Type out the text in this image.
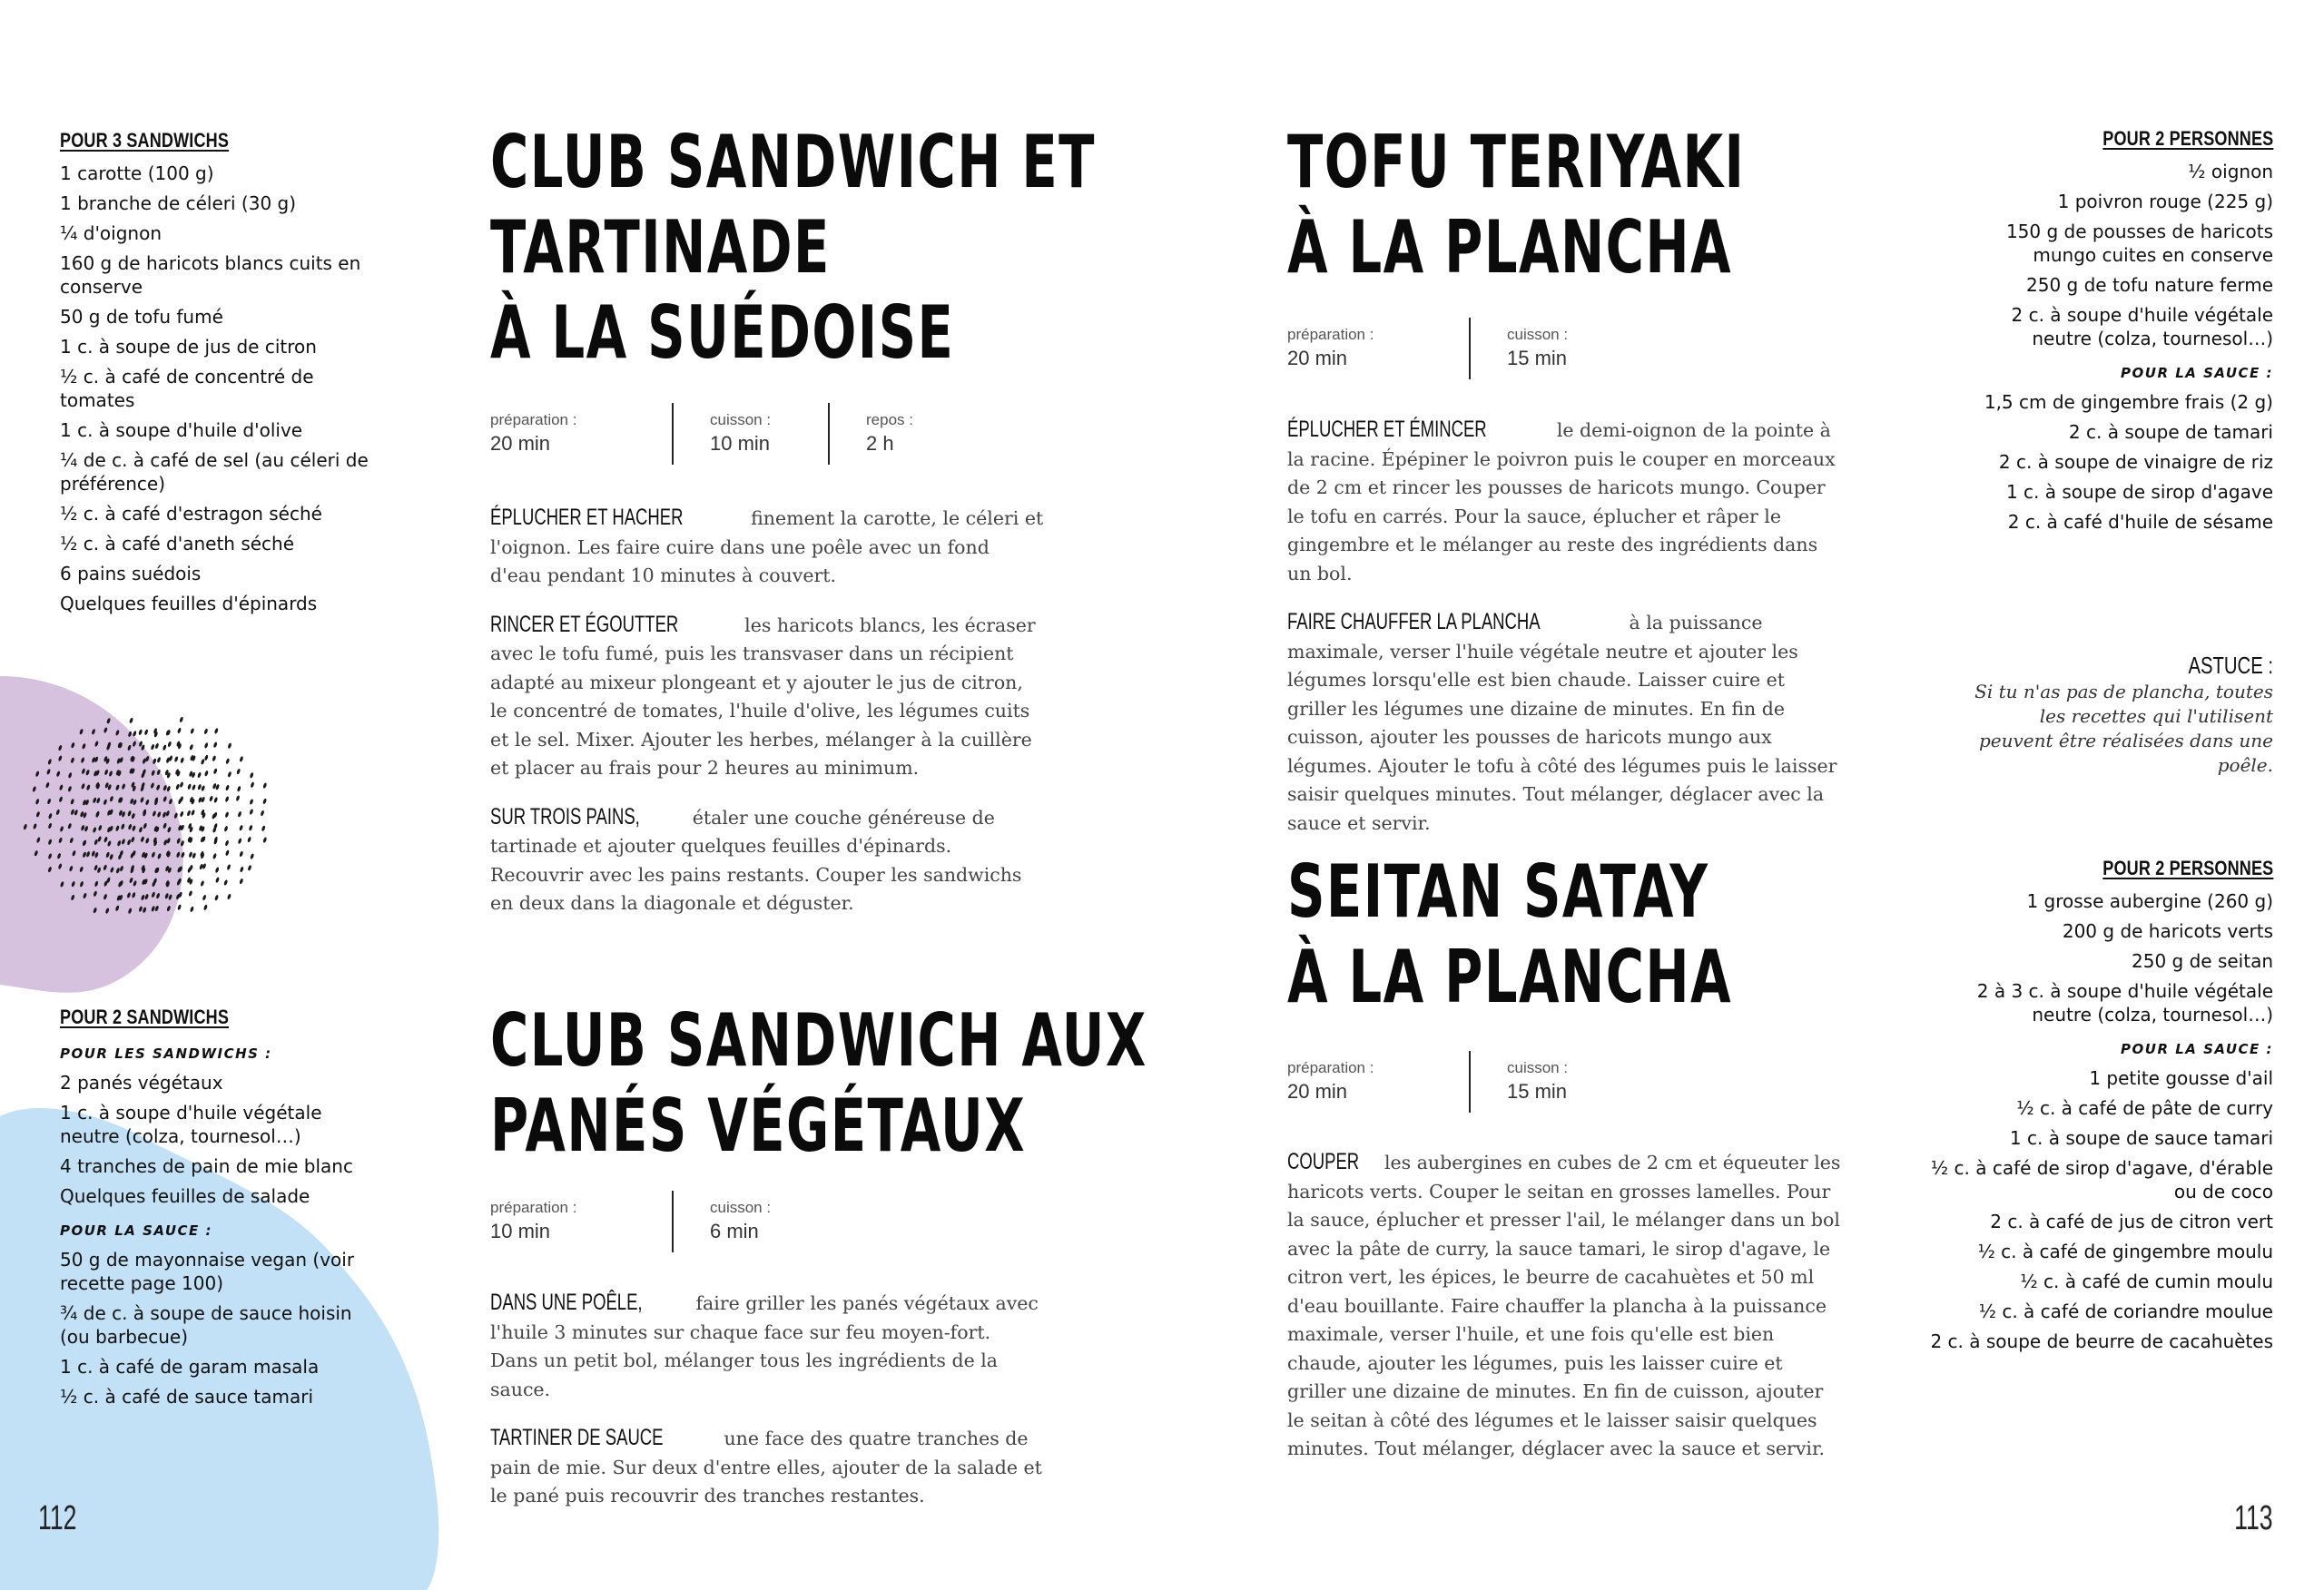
POUR 3 SANDWICHS
1 carotte (100 g)
1 branche de céleri (30 g)
¼ d'oignon
160 g de haricots blancs cuits en conserve
50 g de tofu fumé
1 c. à soupe de jus de citron
½ c. à café de concentré de tomates
1 c. à soupe d'huile d'olive
¼ de c. à café de sel (au céleri de préférence)
½ c. à café d'estragon séché
½ c. à café d'aneth séché
6 pains suédois
Quelques feuilles d'épinards
POUR 2 SANDWICHS
POUR LES SANDWICHS :
2 panés végétaux
1 c. à soupe d'huile végétale neutre (colza, tournesol…)
4 tranches de pain de mie blanc
Quelques feuilles de salade
POUR LA SAUCE :
50 g de mayonnaise vegan (voir recette page 100)
¾ de c. à soupe de sauce hoisin (ou barbecue)
1 c. à café de garam masala
½ c. à café de sauce tamari
CLUB SANDWICH ET
TARTINADE
À LA SUÉDOISE
préparation :
20 min
cuisson :
10 min
repos :
2 h

ÉPLUCHER ET HACHER	finement la carotte, le céleri et l'oignon. Les faire cuire dans une poêle avec un fond d'eau pendant 10 minutes à couvert.

RINCER ET ÉGOUTTER	les haricots blancs, les écraser avec le tofu fumé, puis les transvaser dans un récipient adapté au mixeur plongeant et y ajouter le jus de citron, le concentré de tomates, l'huile d'olive, les légumes cuits et le sel. Mixer. Ajouter les herbes, mélanger à la cuillère et placer au frais pour 2 heures au minimum.

SUR TROIS PAINS,	étaler une couche généreuse de tartinade et ajouter quelques feuilles d'épinards. Recouvrir avec les pains restants. Couper les sandwichs en deux dans la diagonale et déguster.

CLUB SANDWICH AUX
PANÉS VÉGÉTAUX
préparation :
10 min
cuisson :
6 min

DANS UNE POÊLE,	faire griller les panés végétaux avec l'huile 3 minutes sur chaque face sur feu moyen-fort. Dans un petit bol, mélanger tous les ingrédients de la sauce.

TARTINER DE SAUCE	une face des quatre tranches de pain de mie. Sur deux d'entre elles, ajouter de la salade et le pané puis recouvrir des tranches restantes.

112
TOFU TERIYAKI
À LA PLANCHA
préparation :
20 min
cuisson :
15 min

ÉPLUCHER ET ÉMINCER	le demi-oignon de la pointe à la racine. Épépiner le poivron puis le couper en morceaux de 2 cm et rincer les pousses de haricots mungo. Couper le tofu en carrés. Pour la sauce, éplucher et râper le gingembre et le mélanger au reste des ingrédients dans un bol.

FAIRE CHAUFFER LA PLANCHA	à la puissance maximale, verser l'huile végétale neutre et ajouter les légumes lorsqu'elle est bien chaude. Laisser cuire et griller les légumes une dizaine de minutes. En fin de cuisson, ajouter les pousses de haricots mungo aux légumes. Ajouter le tofu à côté des légumes puis le laisser saisir quelques minutes. Tout mélanger, déglacer avec la sauce et servir.

POUR 2 PERSONNES
½ oignon
1 poivron rouge (225 g)
150 g de pousses de haricots mungo cuites en conserve
250 g de tofu nature ferme
2 c. à soupe d'huile végétale neutre (colza, tournesol…)
POUR LA SAUCE :
1,5 cm de gingembre frais (2 g)
2 c. à soupe de tamari
2 c. à soupe de vinaigre de riz
1 c. à soupe de sirop d'agave
2 c. à café d'huile de sésame
ASTUCE :
Si tu n'as pas de plancha, toutes les recettes qui l'utilisent peuvent être réalisées dans une poêle.
SEITAN SATAY
À LA PLANCHA
préparation :
20 min
cuisson :
15 min

COUPER les aubergines en cubes de 2 cm et équeuter les haricots verts. Couper le seitan en grosses lamelles. Pour la sauce, éplucher et presser l'ail, le mélanger dans un bol avec la pâte de curry, la sauce tamari, le sirop d'agave, le citron vert, les épices, le beurre de cacahuètes et 50 ml d'eau bouillante. Faire chauffer la plancha à la puissance maximale, verser l'huile, et une fois qu'elle est bien chaude, ajouter les légumes, puis les laisser cuire et griller une dizaine de minutes. En fin de cuisson, ajouter le seitan à côté des légumes et le laisser saisir quelques minutes. Tout mélanger, déglacer avec la sauce et servir.

POUR 2 PERSONNES
1 grosse aubergine (260 g)
200 g de haricots verts
250 g de seitan
2 à 3 c. à soupe d'huile végétale neutre (colza, tournesol…)
POUR LA SAUCE :
1 petite gousse d'ail
½ c. à café de pâte de curry
1 c. à soupe de sauce tamari
½ c. à café de sirop d'agave, d'érable ou de coco
2 c. à café de jus de citron vert
½ c. à café de gingembre moulu
½ c. à café de cumin moulu
½ c. à café de coriandre moulue
2 c. à soupe de beurre de cacahuètes
113
